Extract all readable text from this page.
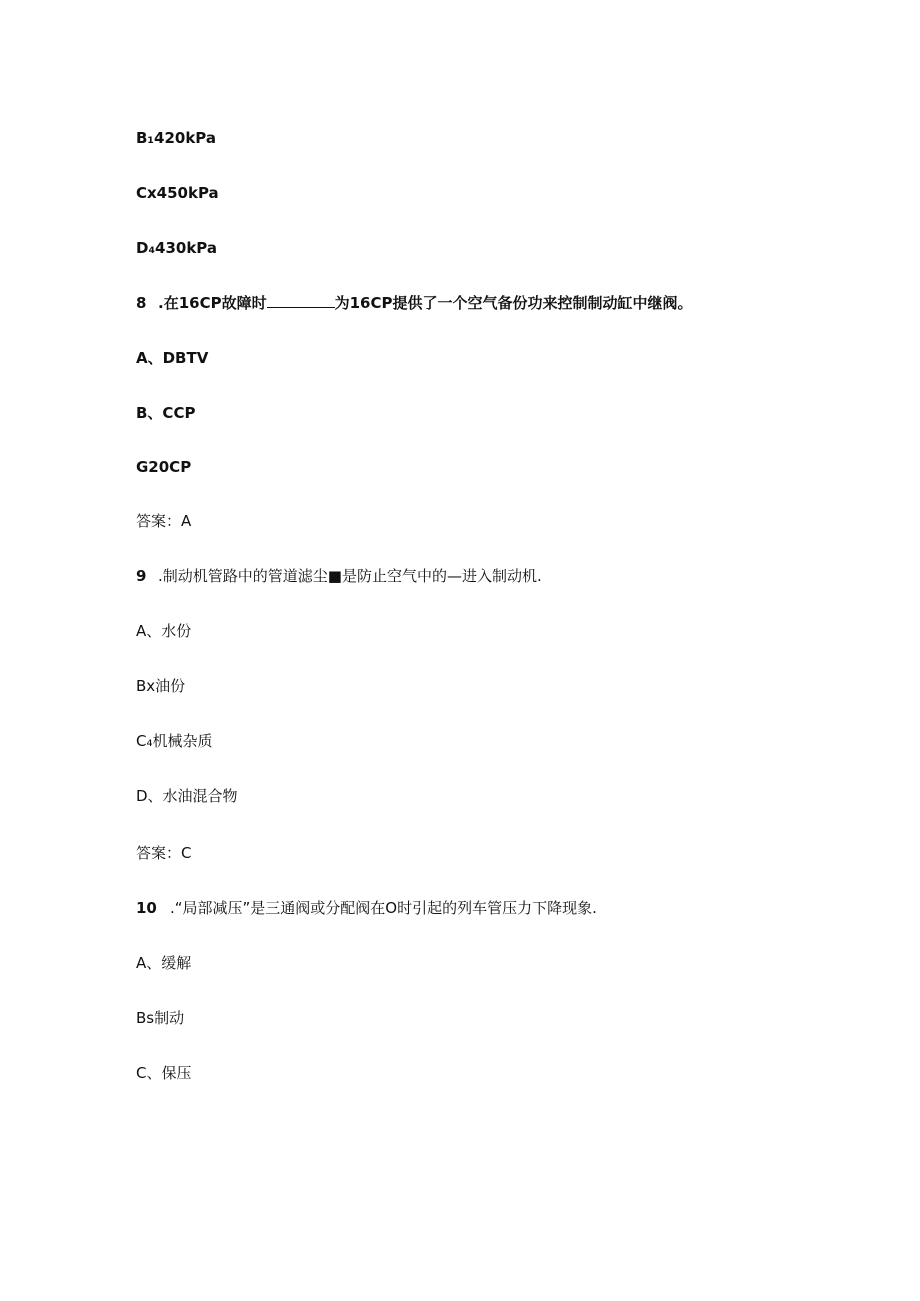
B₁420kPa
Cx450kPa
D₄430kPa
8 .在16CP故障时	为16CP提供了一个空气备份功来控制制动缸中继阀。
A、DBTV
B、CCP
G20CP
答案：A
9 .制动机管路中的管道滤尘■是防止空气中的—进入制动机.
A、水份
Bx油份
C₄机械杂质
D、水油混合物
答案：C
10 .“局部减压”是三通阀或分配阀在O时引起的列车管压力下降现象.
A、缓解
Bs制动
C、保压
